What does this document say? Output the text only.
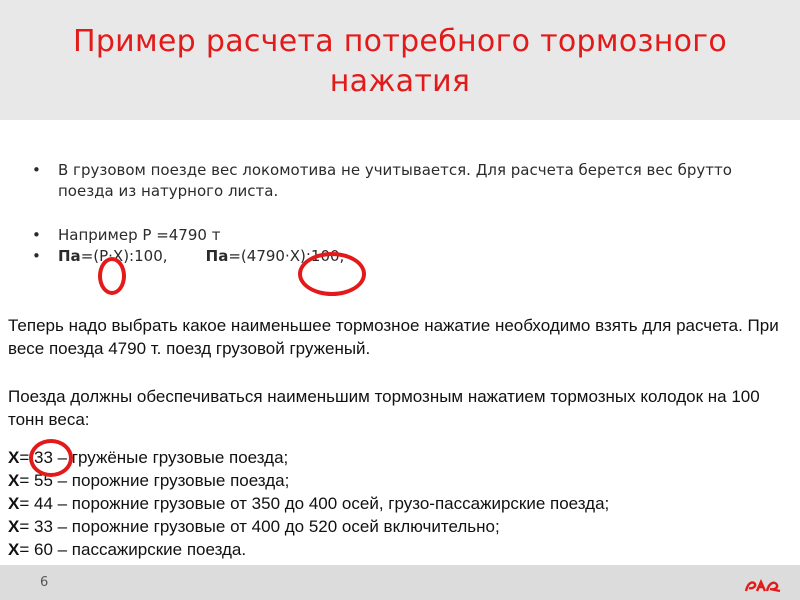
Пример расчета потребного тормозного нажатия
• В грузовом поезде вес локомотива не учитывается. Для расчета берется вес брутто поезда из натурного листа.
• Например Р =4790 т
• Па=(Р·Х):100,	Па=(4790·Х):100,
Теперь надо выбрать какое наименьшее тормозное нажатие необходимо взять для расчета. При весе поезда 4790 т. поезд грузовой груженый.
Поезда должны обеспечиваться наименьшим тормозным нажатием тормозных колодок на 100 тонн веса:
Х= 33 – гружёные грузовые поезда;
Х= 55 – порожние грузовые поезда;
Х= 44 – порожние грузовые от 350 до 400 осей, грузо-пассажирские поезда;
Х= 33 – порожние грузовые от 400 до 520 осей включительно;
Х= 60 – пассажирские поезда.
6
